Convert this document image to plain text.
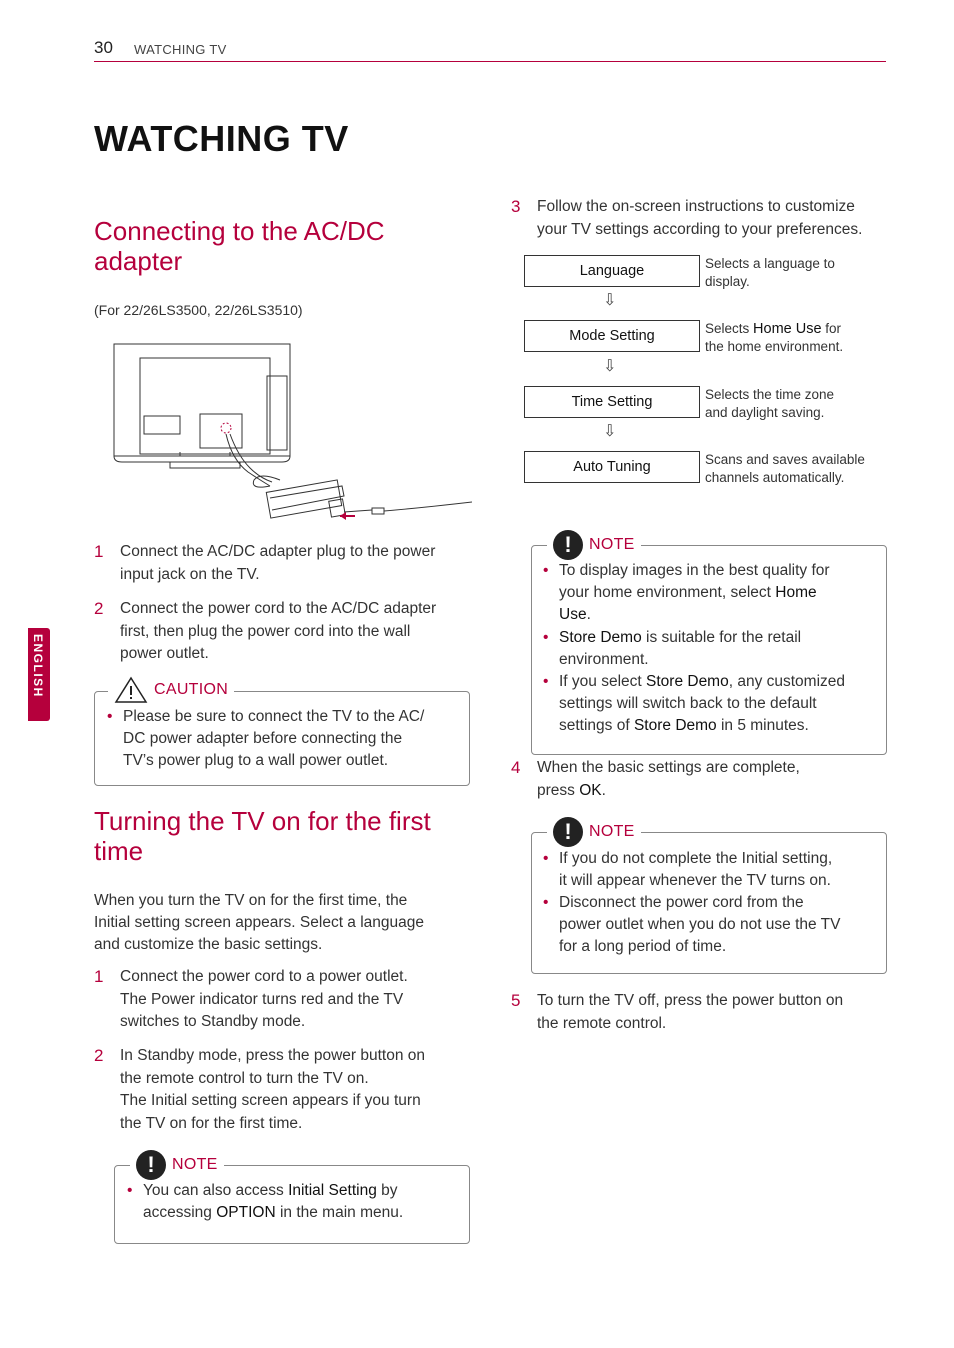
30 WATCHING TV
WATCHING TV
ENGLISH
Connecting to the AC/DC
adapter
(For 22/26LS3500, 22/26LS3510)
1 Connect the AC/DC adapter plug to the power
input jack on the TV.
2 Connect the power cord to the AC/DC adapter
first, then plug the power cord into the wall
power outlet.
CAUTION
• Please be sure to connect the TV to the AC/
DC power adapter before connecting the
TV’s power plug to a wall power outlet.
Turning the TV on for the first
time
When you turn the TV on for the first time, the
Initial setting screen appears. Select a language
and customize the basic settings.
1 Connect the power cord to a power outlet.
The Power indicator turns red and the TV
switches to Standby mode.
2 In Standby mode, press the power button on
the remote control to turn the TV on.
The Initial setting screen appears if you turn
the TV on for the first time.
!	NOTE
• You can also access Initial Setting by
accessing OPTION in the main menu.
3 Follow the on-screen instructions to customize
your TV settings according to your preferences.
Language	Selects a language to
display.
⇩
Mode Setting	Selects Home Use for
the home environment.
⇩
Time Setting	Selects the time zone
and daylight saving.
⇩
Auto Tuning	Scans and saves available
channels automatically.
!	NOTE
• To display images in the best quality for
your home environment, select Home
Use.
• Store Demo is suitable for the retail
environment.
• If you select Store Demo, any customized
settings will switch back to the default
settings of Store Demo in 5 minutes.
4 When the basic settings are complete,
press OK.
!	NOTE
• If you do not complete the Initial setting,
it will appear whenever the TV turns on.
• Disconnect the power cord from the
power outlet when you do not use the TV
for a long period of time.
5 To turn the TV off, press the power button on
the remote control.
